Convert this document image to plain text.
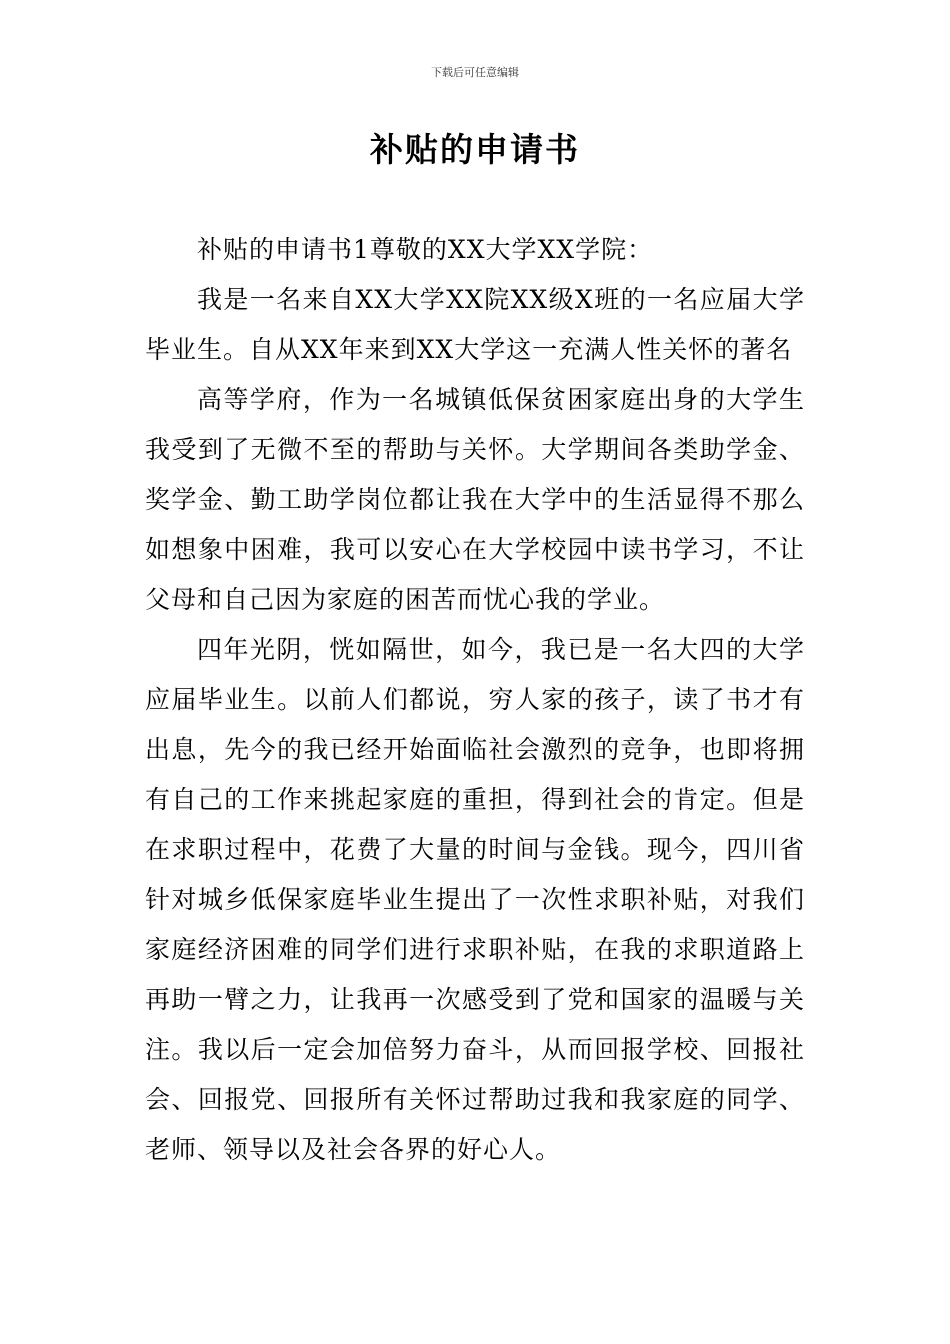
下载后可任意编辑
补贴的申请书

补贴的申请书1尊敬的XX大学XX学院：

我是一名来自XX大学XX院XX级X班的一名应届大学毕业生。自从XX年来到XX大学这一充满人性关怀的著名

高等学府，作为一名城镇低保贫困家庭出身的大学生我受到了无微不至的帮助与关怀。大学期间各类助学金、奖学金、勤工助学岗位都让我在大学中的生活显得不那么如想象中困难，我可以安心在大学校园中读书学习，不让父母和自己因为家庭的困苦而忧心我的学业。

四年光阴，恍如隔世，如今，我已是一名大四的大学应届毕业生。以前人们都说，穷人家的孩子，读了书才有出息，先今的我已经开始面临社会激烈的竞争，也即将拥有自己的工作来挑起家庭的重担，得到社会的肯定。但是在求职过程中，花费了大量的时间与金钱。现今，四川省针对城乡低保家庭毕业生提出了一次性求职补贴，对我们家庭经济困难的同学们进行求职补贴，在我的求职道路上再助一臂之力，让我再一次感受到了党和国家的温暖与关注。我以后一定会加倍努力奋斗，从而回报学校、回报社会、回报党、回报所有关怀过帮助过我和我家庭的同学、老师、领导以及社会各界的好心人。
